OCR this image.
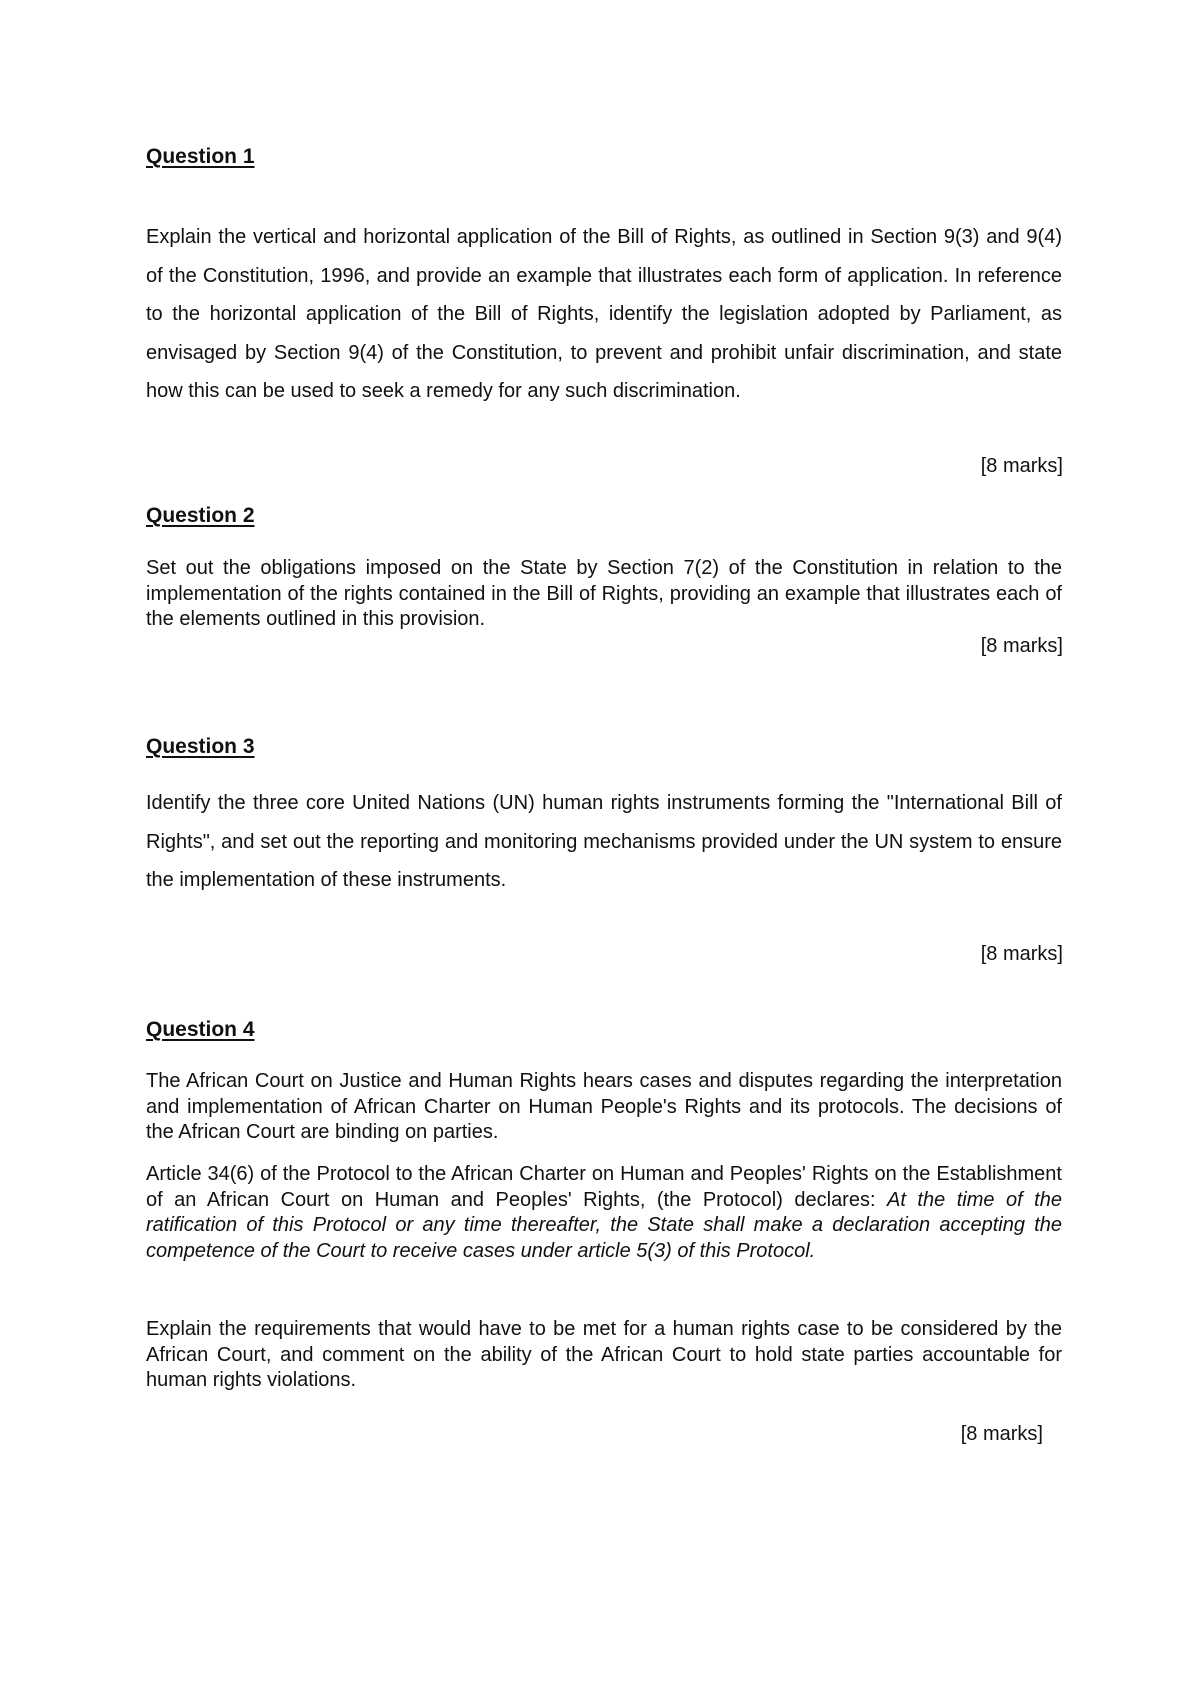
Question 1

Explain the vertical and horizontal application of the Bill of Rights, as outlined in Section 9(3) and 9(4) of the Constitution, 1996, and provide an example that illustrates each form of application. In reference to the horizontal application of the Bill of Rights, identify the legislation adopted by Parliament, as envisaged by Section 9(4) of the Constitution, to prevent and prohibit unfair discrimination, and state how this can be used to seek a remedy for any such discrimination.

[8 marks]

Question 2

Set out the obligations imposed on the State by Section 7(2) of the Constitution in relation to the implementation of the rights contained in the Bill of Rights, providing an example that illustrates each of the elements outlined in this provision.

[8 marks]

Question 3

Identify the three core United Nations (UN) human rights instruments forming the "International Bill of Rights", and set out the reporting and monitoring mechanisms provided under the UN system to ensure the implementation of these instruments.

[8 marks]

Question 4

The African Court on Justice and Human Rights hears cases and disputes regarding the interpretation and implementation of African Charter on Human People's Rights and its protocols. The decisions of the African Court are binding on parties.

Article 34(6) of the Protocol to the African Charter on Human and Peoples' Rights on the Establishment of an African Court on Human and Peoples' Rights, (the Protocol) declares: At the time of the ratification of this Protocol or any time thereafter, the State shall make a declaration accepting the competence of the Court to receive cases under article 5(3) of this Protocol.

Explain the requirements that would have to be met for a human rights case to be considered by the African Court, and comment on the ability of the African Court to hold state parties accountable for human rights violations.

[8 marks]
